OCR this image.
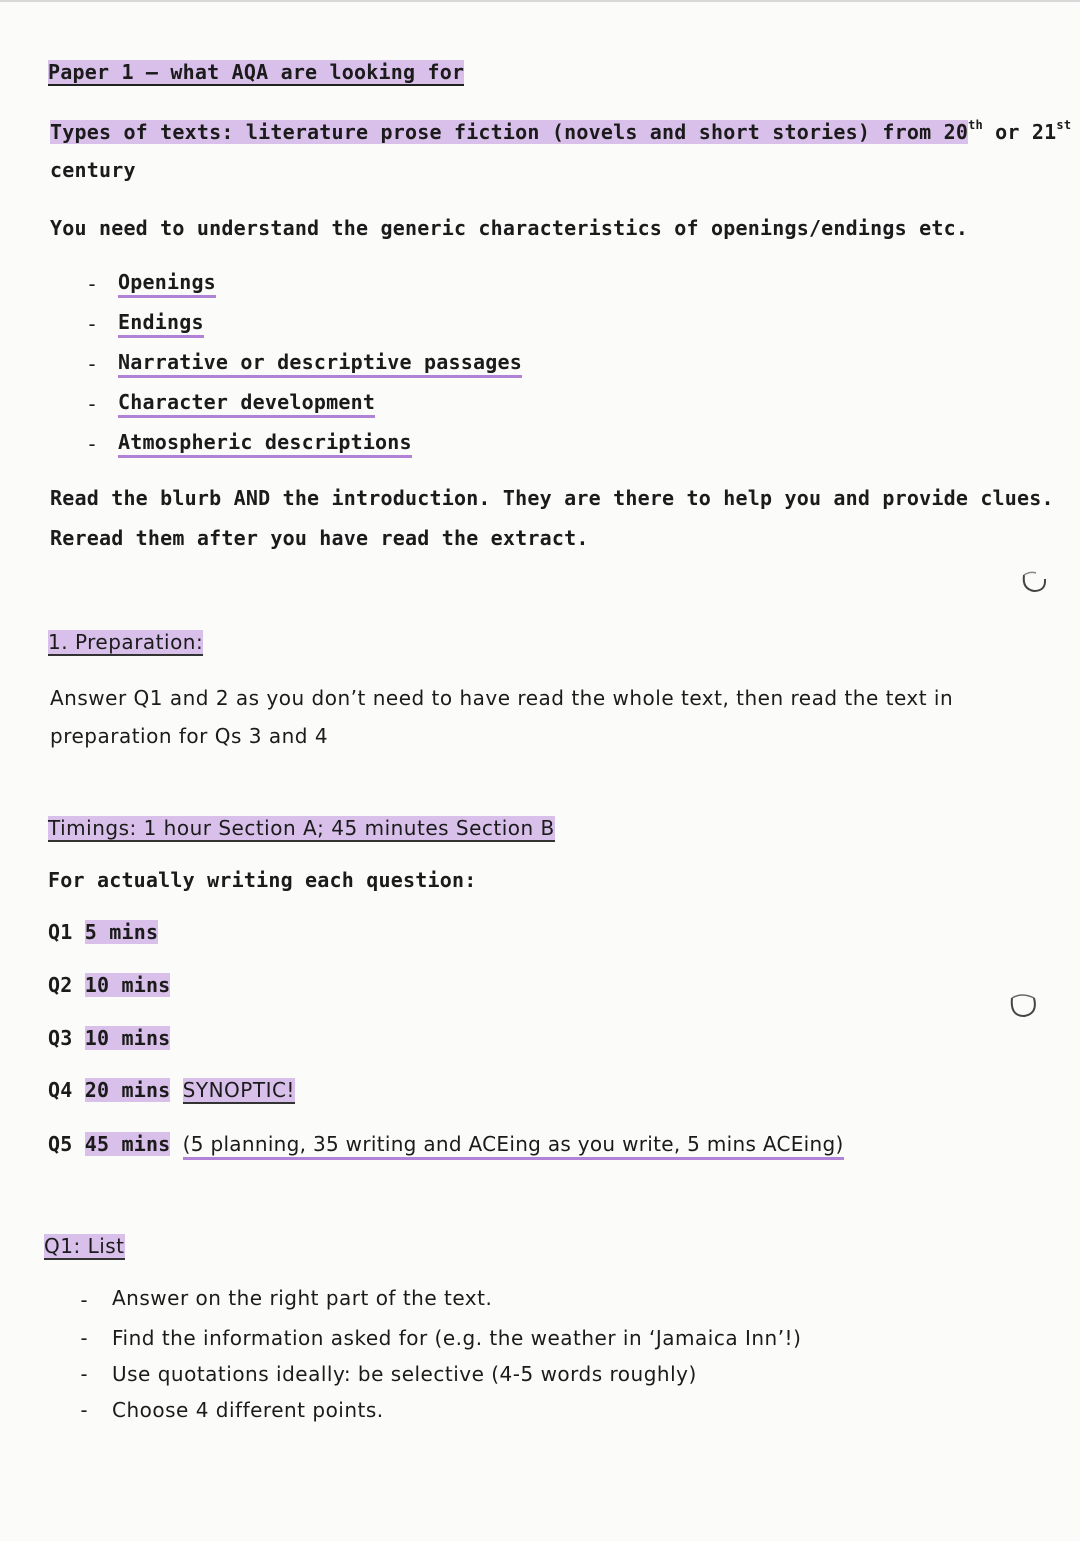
Paper 1 – what AQA are looking for
Types of texts: literature prose fiction (novels and short stories) from 20th or 21st
century
You need to understand the generic characteristics of openings/endings etc.
- Openings
- Endings
- Narrative or descriptive passages
- Character development
- Atmospheric descriptions
Read the blurb AND the introduction. They are there to help you and provide clues.
Reread them after you have read the extract.
1. Preparation:
Answer Q1 and 2 as you don’t need to have read the whole text, then read the text in
preparation for Qs 3 and 4
Timings: 1 hour Section A; 45 minutes Section B
For actually writing each question:
Q1 5 mins
Q2 10 mins
Q3 10 mins
Q4 20 mins SYNOPTIC!
Q5 45 mins (5 planning, 35 writing and ACEing as you write, 5 mins ACEing)
Q1: List
- Answer on the right part of the text.
- Find the information asked for (e.g. the weather in ‘Jamaica Inn’!)
- Use quotations ideally: be selective (4-5 words roughly)
- Choose 4 different points.
